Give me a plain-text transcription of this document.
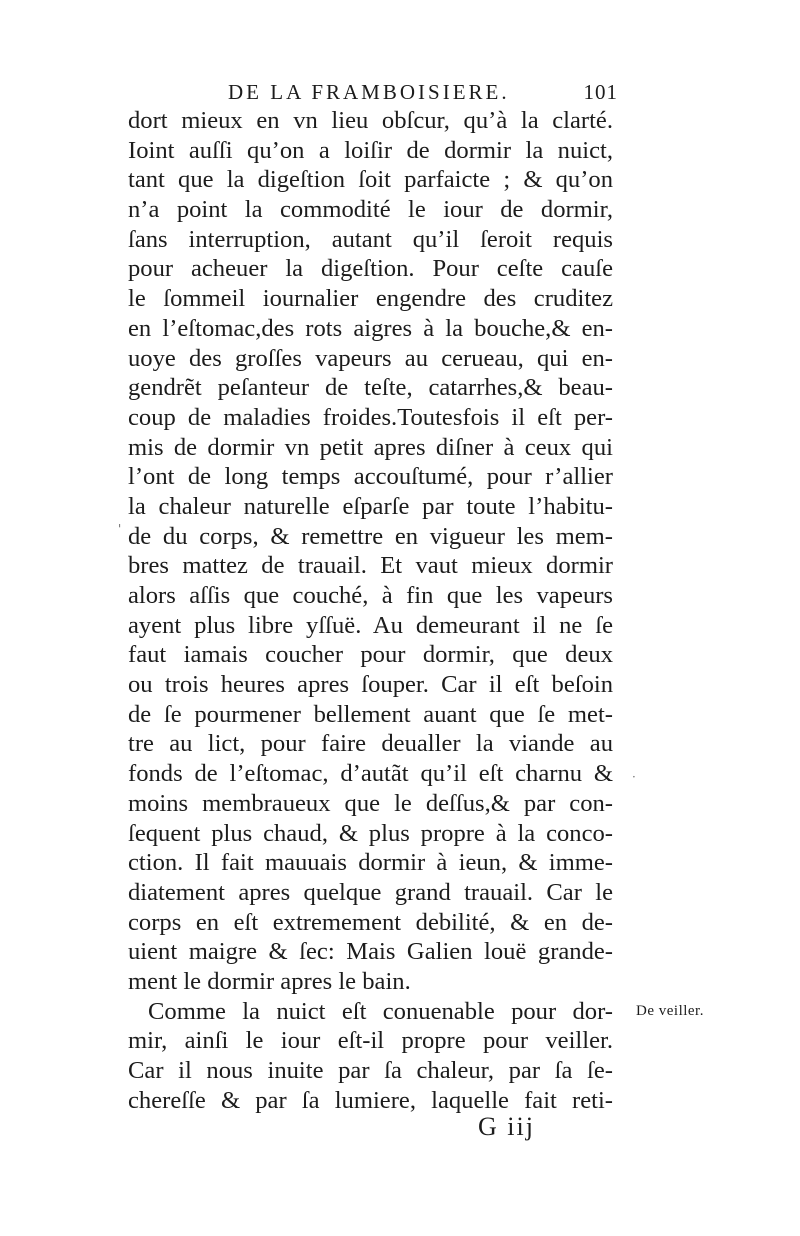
DE LA FRAMBOISIERE.	101
dort mieux en vn lieu obſcur, qu’à la clarté.
Ioint auſſi qu’on a loiſir de dormir la nuict,
tant que la digeſtion ſoit parfaicte ; & qu’on
n’a point la commodité le iour de dormir,
ſans interruption, autant qu’il ſeroit requis
pour acheuer la digeſtion. Pour ceſte cauſe
le ſommeil iournalier engendre des cruditez
en l’eſtomac,des rots aigres à la bouche,& en-
uoye des groſſes vapeurs au cerueau, qui en-
gendrẽt peſanteur de teſte, catarrhes,& beau-
coup de maladies froides.Toutesfois il eſt per-
mis de dormir vn petit apres diſner à ceux qui
l’ont de long temps accouſtumé, pour r’allier
la chaleur naturelle eſparſe par toute l’habitu-
de du corps, & remettre en vigueur les mem-
bres mattez de trauail. Et vaut mieux dormir
alors aſſis que couché, à fin que les vapeurs
ayent plus libre yſſuë. Au demeurant il ne ſe
faut iamais coucher pour dormir, que deux
ou trois heures apres ſouper. Car il eſt beſoin
de ſe pourmener bellement auant que ſe met-
tre au lict, pour faire deualler la viande au
fonds de l’eſtomac, d’autãt qu’il eſt charnu &
moins membraueux que le deſſus,& par con-
ſequent plus chaud, & plus propre à la conco-
ction. Il fait mauuais dormir à ieun, & imme-
diatement apres quelque grand trauail. Car le
corps en eſt extremement debilité, & en de-
uient maigre & ſec: Mais Galien louë grande-
ment le dormir apres le bain.
Comme la nuict eſt conuenable pour dor-
mir, ainſi le iour eſt-il propre pour veiller.
Car il nous inuite par ſa chaleur, par ſa ſe-
chereſſe & par ſa lumiere, laquelle fait reti-
De veiller.
G iij
'
·
